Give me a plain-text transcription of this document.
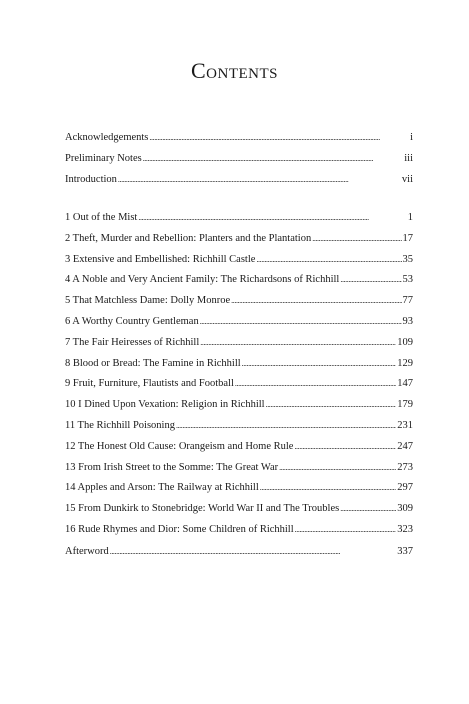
Contents
Acknowledgements . . .	i
Preliminary Notes . . .	iii
Introduction . . .	vii
1 Out of the Mist . . .	1
2 Theft, Murder and Rebellion: Planters and the Plantation . . .	17
3 Extensive and Embellished: Richhill Castle . . .	35
4 A Noble and Very Ancient Family: The Richardsons of Richhill . . .	53
5 That Matchless Dame: Dolly Monroe . . .	77
6 A Worthy Country Gentleman . . .	93
7 The Fair Heiresses of Richhill . . .	109
8 Blood or Bread: The Famine in Richhill . . .	129
9 Fruit, Furniture, Flautists and Football . . .	147
10 I Dined Upon Vexation: Religion in Richhill . . .	179
11 The Richhill Poisoning . . .	231
12 The Honest Old Cause: Orangeism and Home Rule . . .	247
13 From Irish Street to the Somme: The Great War . . .	273
14 Apples and Arson: The Railway at Richhill . . .	297
15 From Dunkirk to Stonebridge: World War II and The Troubles . . .	309
16 Rude Rhymes and Dior: Some Children of Richhill . . .	323
Afterword . . .	337
